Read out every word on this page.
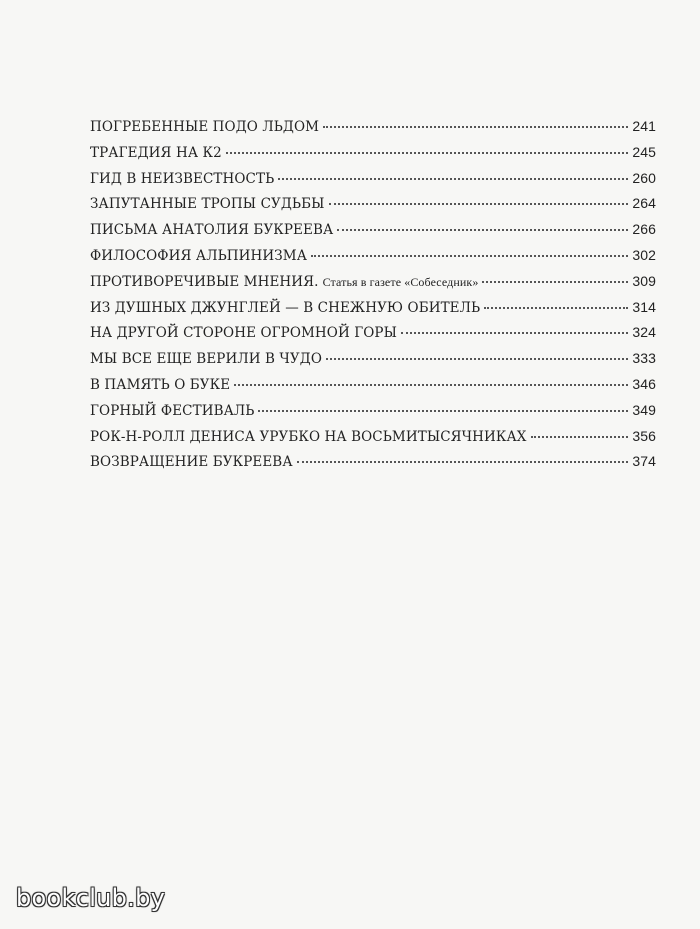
ПОГРЕБЕННЫЕ ПОДО ЛЬДОМ	241
ТРАГЕДИЯ НА К2	245
ГИД В НЕИЗВЕСТНОСТЬ	260
ЗАПУТАННЫЕ ТРОПЫ СУДЬБЫ	264
ПИСЬМА АНАТОЛИЯ БУКРЕЕВА	266
ФИЛОСОФИЯ АЛЬПИНИЗМА	302
ПРОТИВОРЕЧИВЫЕ МНЕНИЯ. Статья в газете «Собеседник»	309
ИЗ ДУШНЫХ ДЖУНГЛЕЙ — В СНЕЖНУЮ ОБИТЕЛЬ	314
НА ДРУГОЙ СТОРОНЕ ОГРОМНОЙ ГОРЫ	324
МЫ ВСЕ ЕЩЕ ВЕРИЛИ В ЧУДО	333
В ПАМЯТЬ О БУКЕ	346
ГОРНЫЙ ФЕСТИВАЛЬ	349
РОК-Н-РОЛЛ ДЕНИСА УРУБКО НА ВОСЬМИТЫСЯЧНИКАХ	356
ВОЗВРАЩЕНИЕ БУКРЕЕВА	374
bookclub.by
